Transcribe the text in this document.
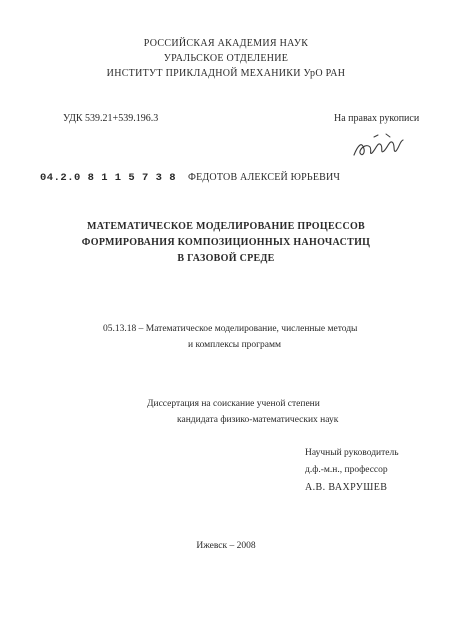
РОССИЙСКАЯ АКАДЕМИЯ НАУК
УРАЛЬСКОЕ ОТДЕЛЕНИЕ
ИНСТИТУТ ПРИКЛАДНОЙ МЕХАНИКИ УрО РАН
УДК 539.21+539.196.3	На правах рукописи
04.2.0 8 1 1 5 7 3 8 ФЕДОТОВ АЛЕКСЕЙ ЮРЬЕВИЧ
МАТЕМАТИЧЕСКОЕ МОДЕЛИРОВАНИЕ ПРОЦЕССОВ
ФОРМИРОВАНИЯ КОМПОЗИЦИОННЫХ НАНОЧАСТИЦ
В ГАЗОВОЙ СРЕДЕ
05.13.18 – Математическое моделирование, численные методы
и комплексы программ
Диссертация на соискание ученой степени
кандидата физико-математических наук
Научный руководитель
д.ф.-м.н., профессор
А.В. ВАХРУШЕВ
Ижевск – 2008
